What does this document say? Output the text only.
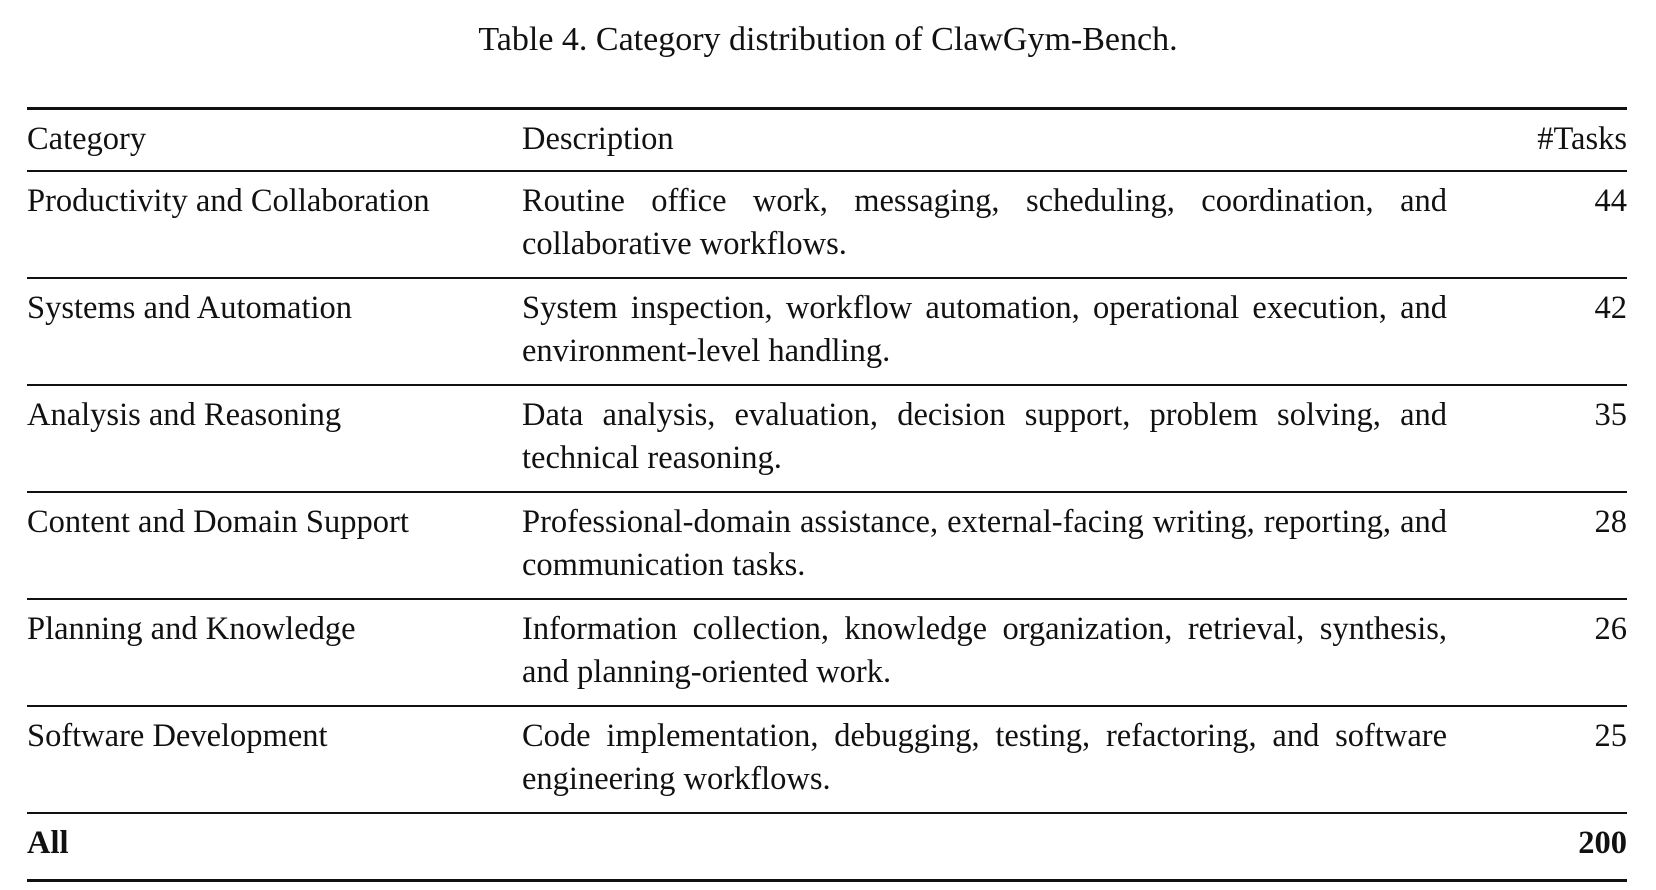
Table 4. Category distribution of ClawGym-Bench.
Category	Description	#Tasks
Productivity and Collaboration	Routine office work, messaging, scheduling, coordination, and collaborative workflows.	44
Systems and Automation	System inspection, workflow automation, operational execution, and environment-level handling.	42
Analysis and Reasoning	Data analysis, evaluation, decision support, problem solving, and technical reasoning.	35
Content and Domain Support	Professional-domain assistance, external-facing writing, reporting, and communication tasks.	28
Planning and Knowledge	Information collection, knowledge organization, retrieval, synthesis, and planning-oriented work.	26
Software Development	Code implementation, debugging, testing, refactoring, and software engineering workflows.	25
All		200
